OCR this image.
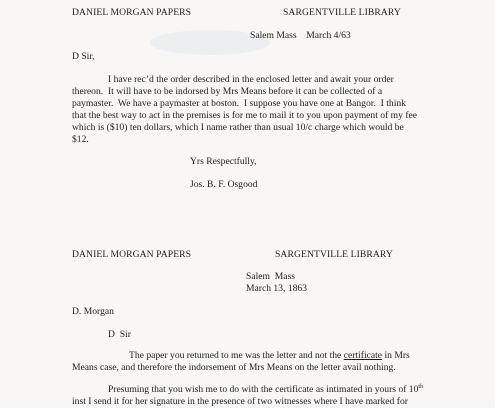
DANIEL MORGAN PAPERS	SARGENTVILLE LIBRARY
Salem Mass    March 4/63
D Sir,
I have rec’d the order described in the enclosed letter and await your order
thereon.  It will have to be indorsed by Mrs Means before it can be collected of a
paymaster.  We have a paymaster at boston.  I suppose you have one at Bangor.  I think
that the best way to act in the premises is for me to mail it to you upon payment of my fee
which is ($10) ten dollars, which I name rather than usual 10/c charge which would be
$12.
Yrs Respectfully,
Jos. B. F. Osgood
DANIEL MORGAN PAPERS	SARGENTVILLE LIBRARY
Salem  Mass
March 13, 1863
D. Morgan
D  Sir
The paper you returned to me was the letter and not the certificate in Mrs
Means case, and therefore the indorsement of Mrs Means on the letter avail nothing.
Presuming that you wish me to do with the certificate as intimated in yours of 10th
inst I send it for her signature in the presence of two witnesses where I have marked for
